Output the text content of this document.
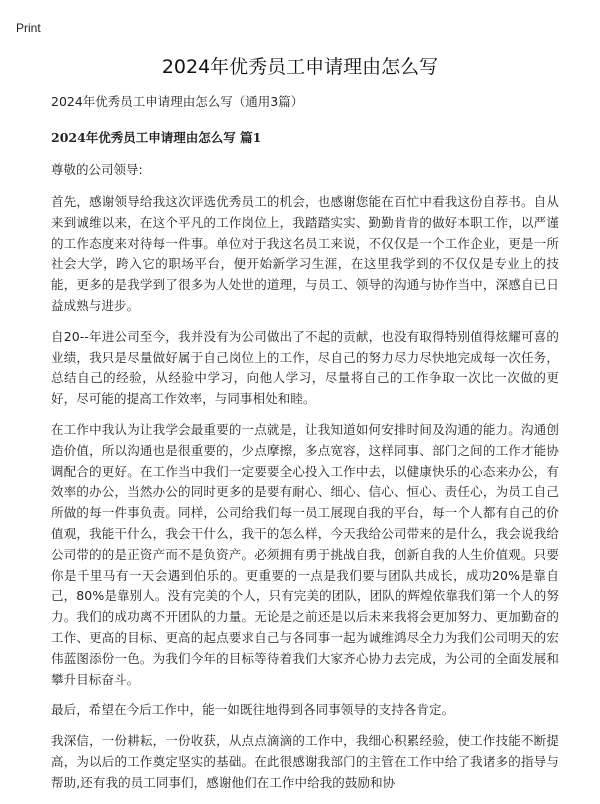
Print
2024年优秀员工申请理由怎么写

2024年优秀员工申请理由怎么写（通用3篇）

2024年优秀员工申请理由怎么写 篇1

尊敬的公司领导:

首先，感谢领导给我这次评选优秀员工的机会，也感谢您能在百忙中看我这份自荐书。自从来到诚维以来，在这个平凡的工作岗位上，我踏踏实实、勤勤肯肯的做好本职工作，以严谨的工作态度来对待每一件事。单位对于我这名员工来说，不仅仅是一个工作企业，更是一所社会大学，跨入它的职场平台，便开始新学习生涯，在这里我学到的不仅仅是专业上的技能，更多的是我学到了很多为人处世的道理，与员工、领导的沟通与协作当中，深感自已日益成熟与进步。

自20--年进公司至今，我并没有为公司做出了不起的贡献，也没有取得特别值得炫耀可喜的业绩，我只是尽量做好属于自己岗位上的工作，尽自己的努力尽力尽快地完成每一次任务，总结自己的经验，从经验中学习，向他人学习，尽量将自己的工作争取一次比一次做的更好，尽可能的提高工作效率，与同事相处和睦。

在工作中我认为让我学会最重要的一点就是，让我知道如何安排时间及沟通的能力。沟通创造价值，所以沟通也是很重要的，少点摩擦，多点宽容，这样同事、部门之间的工作才能协调配合的更好。在工作当中我们一定要要全心投入工作中去，以健康快乐的心态来办公，有效率的办公，当然办公的同时更多的是要有耐心、细心、信心、恒心、责任心，为员工自己所做的每一件事负责。同样，公司给我们每一员工展现自我的平台，每一个人都有自己的价值观，我能干什么，我会干什么，我干的怎么样，今天我给公司带来的是什么，我会说我给公司带的的是正资产而不是负资产。必须拥有勇于挑战自我，创新自我的人生价值观。只要你是千里马有一天会遇到伯乐的。更重要的一点是我们要与团队共成长，成功20%是靠自己，80%是靠别人。没有完美的个人，只有完美的团队，团队的辉煌依靠我们第一个人的努力。我们的成功离不开团队的力量。无论是之前还是以后未来我将会更加努力、更加勤奋的工作、更高的目标、更高的起点要求自己与各同事一起为诚维鸿尽全力为我们公司明天的宏伟蓝图添份一色。为我们今年的目标等待着我们大家齐心协力去完成，为公司的全面发展和攀升目标奋斗。

最后，希望在今后工作中，能一如既往地得到各同事领导的支持各肯定。

我深信，一份耕耘，一份收获，从点点滴滴的工作中，我细心积累经验，使工作技能不断提高，为以后的工作奠定坚实的基础。在此很感谢我部门的主管在工作中给了我诸多的指导与帮助,还有我的员工同事们，感谢他们在工作中给我的鼓励和协
